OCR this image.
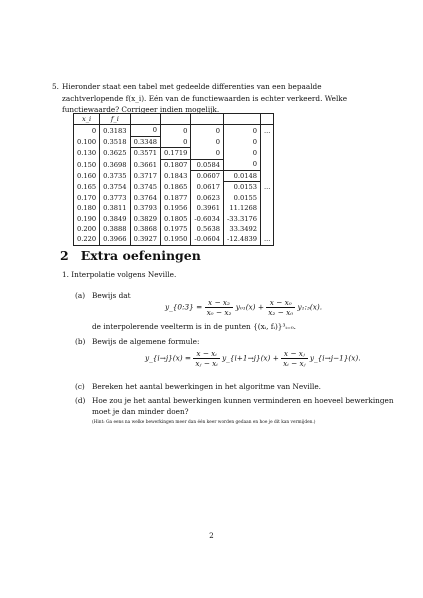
5. Hieronder staat een tabel met gedeelde differenties van een bepaalde zachtverlopende f(x_i). Eén van de functiewaarden is echter verkeerd. Welke functiewaarde? Corrigeer indien mogelijk.
x_i	f_i					
0	0.3183	0	0	0	0	...
0.100	0.3518	0.3348	0	0	0	
0.130	0.3625	0.3571	0.1719	0	0	
0.150	0.3698	0.3661	0.1807	0.0584	0	
0.160	0.3735	0.3717	0.1843	0.0607	0.0148	
0.165	0.3754	0.3745	0.1865	0.0617	0.0153	...
0.170	0.3773	0.3764	0.1877	0.0623	0.0155	
0.180	0.3811	0.3793	0.1956	0.3961	11.1268	
0.190	0.3849	0.3829	0.1805	-0.6034	-33.3176	
0.200	0.3888	0.3868	0.1975	0.5638	33.3492	
0.220	0.3966	0.3927	0.1950	-0.0604	-12.4839	...
2 Extra oefeningen
1. Interpolatie volgens Neville.
(a) Bewijs dat
y_{0:3} = $\frac{\text{x − x₂}}{\text{x₀ − x₂}} y_{01}(x) + \frac{\text{x − x₀}}{\text{x₂ − x₀}}$ y₁:₃(x).
de interpolerende veelterm is in de punten {(xᵢ, fᵢ)}³ᵢ₌₀.
(b) Bewijs de algemene formule:
y_{i→j}(x) = $\frac{\text{x − xᵢ}}{\text{xⱼ − xᵢ}}$ y_{i+1→j}(x) + $\frac{\text{x − xⱼ}}{\text{xᵢ − xⱼ}}$ y_{i→j−1}(x).
(c) Bereken het aantal bewerkingen in het algoritme van Neville.
(d) Hoe zou je het aantal bewerkingen kunnen verminderen en hoeveel bewerkingen
moet je dan minder doen?
(Hint: Ga eens na welke bewerkingen meer dan één keer worden gedaan en hoe je dit kan vermijden.)
2
